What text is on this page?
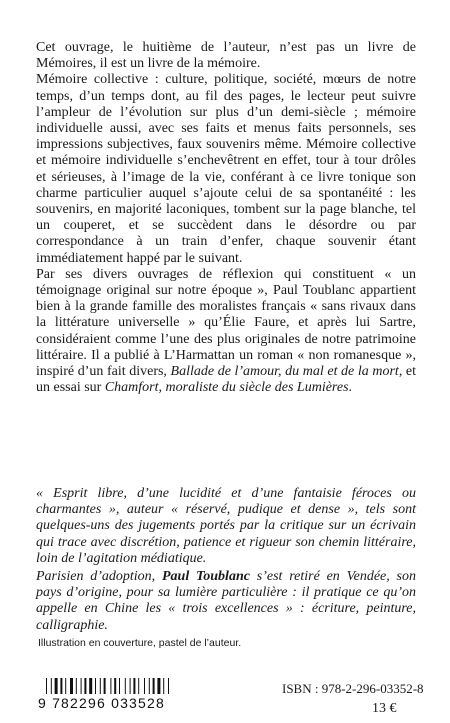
Cet ouvrage, le huitième de l’auteur, n’est pas un livre de Mémoires, il est un livre de la mémoire.

Mémoire collective : culture, politique, société, mœurs de notre temps, d’un temps dont, au fil des pages, le lecteur peut suivre l’ampleur de l’évolution sur plus d’un demi-siècle ; mémoire individuelle aussi, avec ses faits et menus faits personnels, ses impressions subjectives, faux souvenirs même. Mémoire collective et mémoire individuelle s’enchevêtrent en effet, tour à tour drôles et sérieuses, à l’image de la vie, conférant à ce livre tonique son charme particulier auquel s’ajoute celui de sa spontanéité : les souvenirs, en majorité laconiques, tombent sur la page blanche, tel un couperet, et se succèdent dans le désordre ou par correspondance à un train d’enfer, chaque souvenir étant immédiatement happé par le suivant.

Par ses divers ouvrages de réflexion qui constituent « un témoignage original sur notre époque », Paul Toublanc appartient bien à la grande famille des moralistes français « sans rivaux dans la littérature universelle » qu’Élie Faure, et après lui Sartre, considéraient comme l’une des plus originales de notre patrimoine littéraire. Il a publié à L’Harmattan un roman « non romanesque », inspiré d’un fait divers, Ballade de l’amour, du mal et de la mort, et un essai sur Chamfort, moraliste du siècle des Lumières.

« Esprit libre, d’une lucidité et d’une fantaisie féroces ou charmantes », auteur « réservé, pudique et dense », tels sont quelques-uns des jugements portés par la critique sur un écrivain qui trace avec discrétion, patience et rigueur son chemin littéraire, loin de l’agitation médiatique.

Parisien d’adoption, Paul Toublanc s’est retiré en Vendée, son pays d’origine, pour sa lumière particulière : il pratique ce qu’on appelle en Chine les « trois excellences » : écriture, peinture, calligraphie.

Illustration en couverture, pastel de l’auteur.
9 782296 033528
ISBN : 978-2-296-03352-8
13 €
